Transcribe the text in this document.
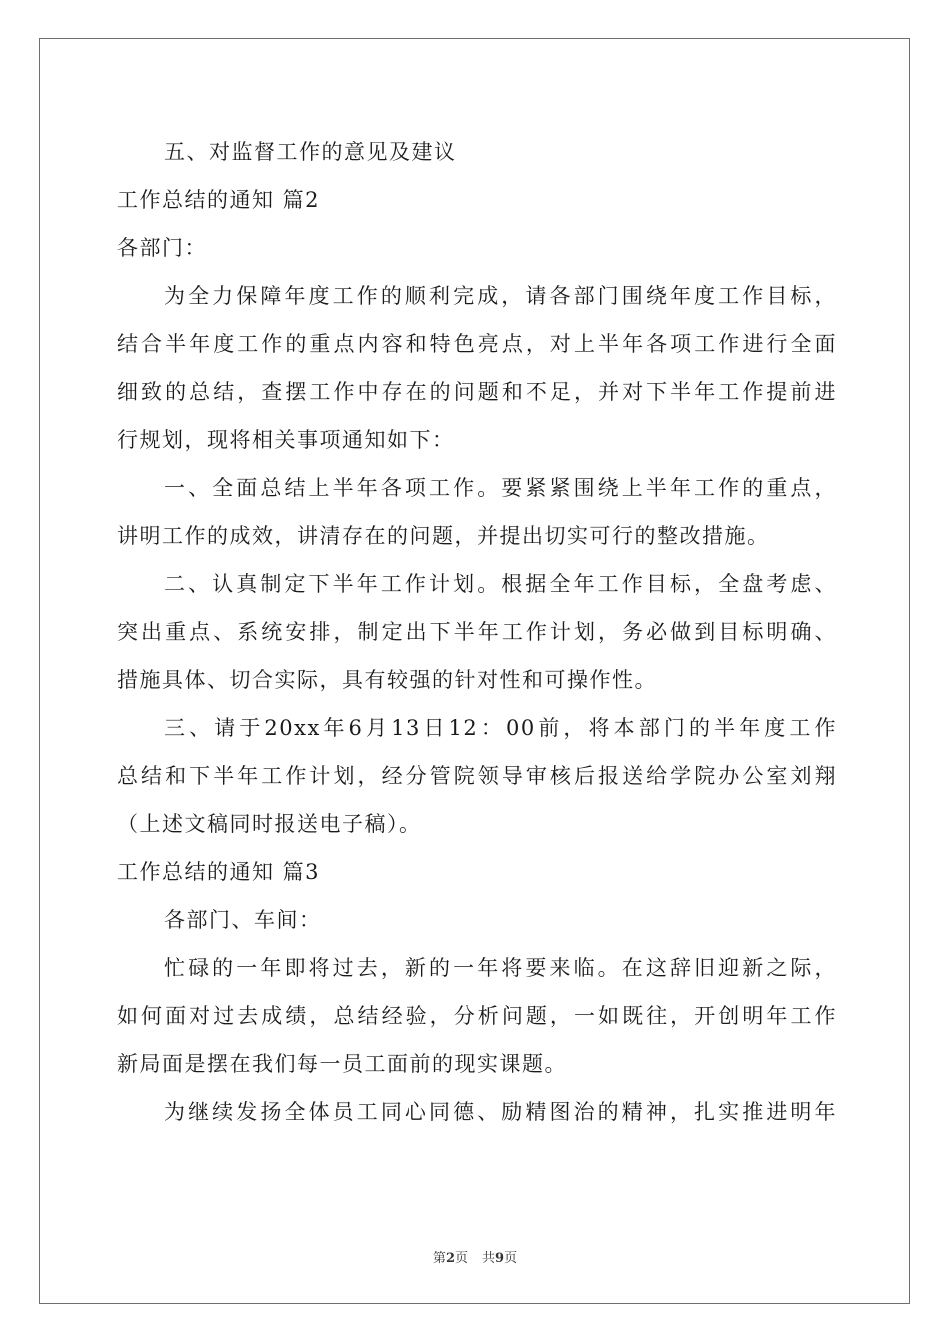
五、对监督工作的意见及建议
工作总结的通知 篇2
各部门：
为全力保障年度工作的顺利完成，请各部门围绕年度工作目标，
结合半年度工作的重点内容和特色亮点，对上半年各项工作进行全面
细致的总结，查摆工作中存在的问题和不足，并对下半年工作提前进
行规划，现将相关事项通知如下：
一、全面总结上半年各项工作。要紧紧围绕上半年工作的重点，
讲明工作的成效，讲清存在的问题，并提出切实可行的整改措施。
二、认真制定下半年工作计划。根据全年工作目标，全盘考虑、
突出重点、系统安排，制定出下半年工作计划，务必做到目标明确、
措施具体、切合实际，具有较强的针对性和可操作性。
三、请于20xx年6月13日12：00前，将本部门的半年度工作
总结和下半年工作计划，经分管院领导审核后报送给学院办公室刘翔
（上述文稿同时报送电子稿）。
工作总结的通知 篇3
各部门、车间：
忙碌的一年即将过去，新的一年将要来临。在这辞旧迎新之际，
如何面对过去成绩，总结经验，分析问题，一如既往，开创明年工作
新局面是摆在我们每一员工面前的现实课题。
为继续发扬全体员工同心同德、励精图治的精神，扎实推进明年
第2页 共9页
